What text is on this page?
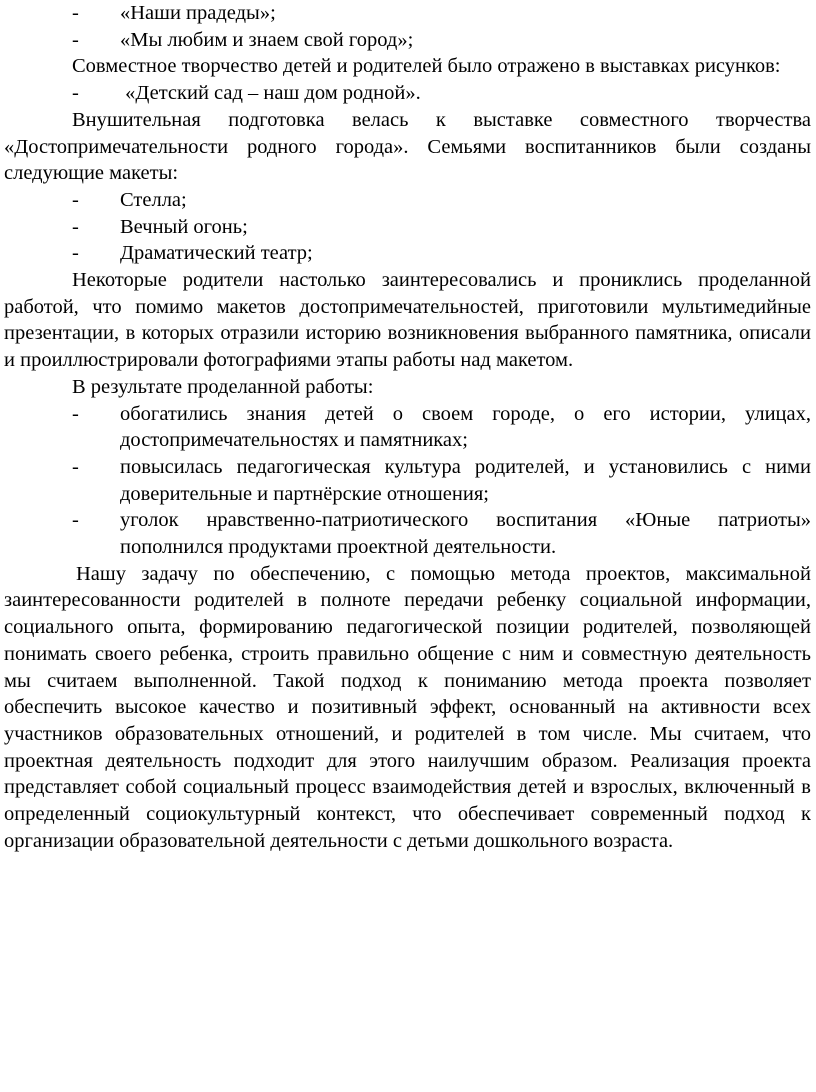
-	«Наши прадеды»;
-	«Мы любим и знаем свой город»;

Совместное творчество детей и родителей было отражено в выставках рисунков:

-	«Детский сад – наш дом родной».

Внушительная подготовка велась к выставке совместного творчества «Достопримечательности родного города». Семьями воспитанников были созданы следующие макеты:

-	Стелла;
-	Вечный огонь;
-	Драматический театр;

Некоторые родители настолько заинтересовались и прониклись проделанной работой, что помимо макетов достопримечательностей, приготовили мультимедийные презентации, в которых отразили историю возникновения выбранного памятника, описали и проиллюстрировали фотографиями этапы работы над макетом.

В результате проделанной работы:

-	обогатились знания детей о своем городе, о его истории, улицах, достопримечательностях и памятниках;
-	повысилась педагогическая культура родителей, и установились с ними доверительные и партнёрские отношения;
-	уголок нравственно-патриотического воспитания «Юные патриоты» пополнился продуктами проектной деятельности.

Нашу задачу по обеспечению, с помощью метода проектов, максимальной заинтересованности родителей в полноте передачи ребенку социальной информации, социального опыта, формированию педагогической позиции родителей, позволяющей понимать своего ребенка, строить правильно общение с ним и совместную деятельность мы считаем выполненной. Такой подход к пониманию метода проекта позволяет обеспечить высокое качество и позитивный эффект, основанный на активности всех участников образовательных отношений, и родителей в том числе. Мы считаем, что проектная деятельность подходит для этого наилучшим образом. Реализация проекта представляет собой социальный процесс взаимодействия детей и взрослых, включенный в определенный социокультурный контекст, что обеспечивает современный подход к организации образовательной деятельности с детьми дошкольного возраста.
